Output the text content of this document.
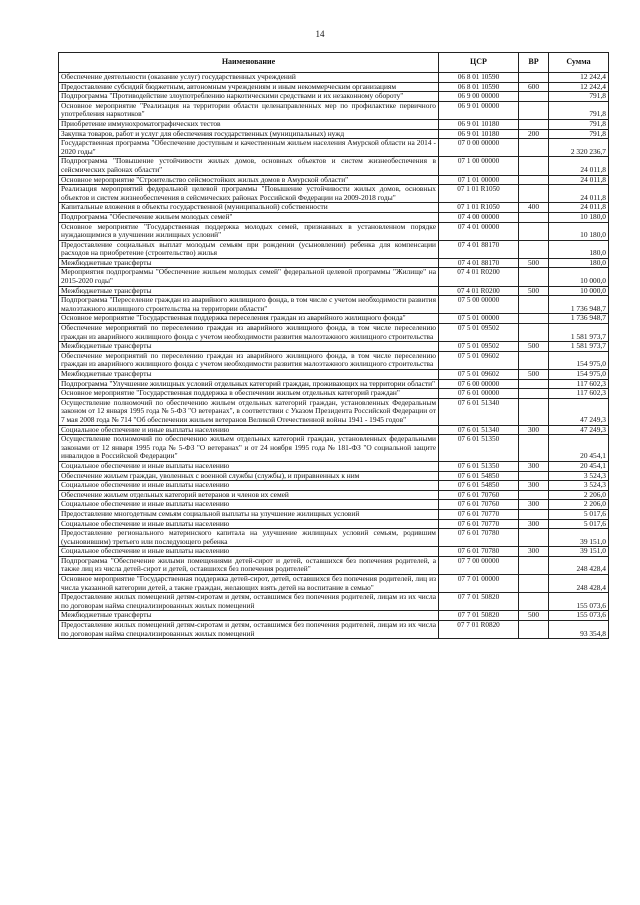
14
Наименование	ЦСР	ВР	Сумма
Обеспечение деятельности (оказание услуг) государственных учреждений	06 8 01 10590		12 242,4
Предоставление субсидий бюджетным, автономным учреждениям и иным некоммерческим организациям	06 8 01 10590	600	12 242,4
Подпрограмма "Противодействие злоупотреблению наркотическими средствами и их незаконному обороту"	06 9 00 00000		791,8
Основное мероприятие "Реализация на территории области целенаправленных мер по профилактике первичного употребления наркотиков"	06 9 01 00000		791,8
Приобретение иммунохроматографических тестов	06 9 01 10180		791,8
Закупка товаров, работ и услуг для обеспечения государственных (муниципальных) нужд	06 9 01 10180	200	791,8
Государственная программа "Обеспечение доступным и качественным жильем населения Амурской области на 2014 - 2020 годы"	07 0 00 00000		2 320 236,7
Подпрограмма "Повышение устойчивости жилых домов, основных объектов и систем жизнеобеспечения в сейсмических районах области"	07 1 00 00000		24 011,8
Основное мероприятие "Строительство сейсмостойких жилых домов в Амурской области"	07 1 01 00000		24 011,8
Реализация мероприятий федеральной целевой программы "Повышение устойчивости жилых домов, основных объектов и систем жизнеобеспечения в сейсмических районах Российской Федерации на 2009-2018 годы"	07 1 01 R1050		24 011,8
Капитальные вложения в объекты государственной (муниципальной) собственности	07 1 01 R1050	400	24 011,8
Подпрограмма "Обеспечение жильем молодых семей"	07 4 00 00000		10 180,0
Основное мероприятие "Государственная поддержка молодых семей, признанных в установленном порядке нуждающимися в улучшении жилищных условий"	07 4 01 00000		10 180,0
Предоставление социальных выплат молодым семьям при рождении (усыновлении) ребенка для компенсации расходов на приобретение (строительство) жилья	07 4 01 88170		180,0
Межбюджетные трансферты	07 4 01 88170	500	180,0
Мероприятия подпрограммы "Обеспечение жильем молодых семей" федеральной целевой программы "Жилище" на 2015-2020 годы"	07 4 01 R0200		10 000,0
Межбюджетные трансферты	07 4 01 R0200	500	10 000,0
Подпрограмма "Переселение граждан из аварийного жилищного фонда, в том числе с учетом необходимости развития малоэтажного жилищного строительства на территории области"	07 5 00 00000		1 736 948,7
Основное мероприятие "Государственная поддержка переселения граждан из аварийного жилищного фонда"	07 5 01 00000		1 736 948,7
Обеспечение мероприятий по переселению граждан из аварийного жилищного фонда, в том числе переселению граждан из аварийного жилищного фонда с учетом необходимости развития малоэтажного жилищного строительства	07 5 01 09502		1 581 973,7
Межбюджетные трансферты	07 5 01 09502	500	1 581 973,7
Обеспечение мероприятий по переселению граждан из аварийного жилищного фонда, в том числе переселению граждан из аварийного жилищного фонда с учетом необходимости развития малоэтажного жилищного строительства	07 5 01 09602		154 975,0
Межбюджетные трансферты	07 5 01 09602	500	154 975,0
Подпрограмма "Улучшение жилищных условий отдельных категорий граждан, проживающих на территории области"	07 6 00 00000		117 602,3
Основное мероприятие "Государственная поддержка в обеспечении жильем отдельных категорий граждан"	07 6 01 00000		117 602,3
Осуществление полномочий по обеспечению жильем отдельных категорий граждан, установленных Федеральным законом от 12 января 1995 года № 5-ФЗ "О ветеранах", в соответствии с Указом Президента Российской Федерации от 7 мая 2008 года № 714 "Об обеспечении жильем ветеранов Великой Отечественной войны 1941 - 1945 годов"	07 6 01 51340		47 249,3
Социальное обеспечение и иные выплаты населению	07 6 01 51340	300	47 249,3
Осуществление полномочий по обеспечению жильем отдельных категорий граждан, установленных федеральными законами от 12 января 1995 года № 5-ФЗ "О ветеранах" и от 24 ноября 1995 года № 181-ФЗ "О социальной защите инвалидов в Российской Федерации"	07 6 01 51350		20 454,1
Социальное обеспечение и иные выплаты населению	07 6 01 51350	300	20 454,1
Обеспечение жильем граждан, уволенных с военной службы (службы), и приравненных к ним	07 6 01 54850		3 524,3
Социальное обеспечение и иные выплаты населению	07 6 01 54850	300	3 524,3
Обеспечение жильем отдельных категорий ветеранов и членов их семей	07 6 01 70760		2 206,0
Социальное обеспечение и иные выплаты населению	07 6 01 70760	300	2 206,0
Предоставление многодетным семьям социальной выплаты на улучшение жилищных условий	07 6 01 70770		5 017,6
Социальное обеспечение и иные выплаты населению	07 6 01 70770	300	5 017,6
Предоставление регионального материнского капитала на улучшение жилищных условий семьям, родившим (усыновившим) третьего или последующего ребенка	07 6 01 70780		39 151,0
Социальное обеспечение и иные выплаты населению	07 6 01 70780	300	39 151,0
Подпрограмма "Обеспечение жилыми помещениями детей-сирот и детей, оставшихся без попечения родителей, а также лиц из числа детей-сирот и детей, оставшихся без попечения родителей"	07 7 00 00000		248 428,4
Основное мероприятие "Государственная поддержка детей-сирот, детей, оставшихся без попечения родителей, лиц из числа указанной категории детей, а также граждан, желающих взять детей на воспитание в семью"	07 7 01 00000		248 428,4
Предоставление жилых помещений детям-сиротам и детям, оставшимся без попечения родителей, лицам из их числа по договорам найма специализированных жилых помещений	07 7 01 50820		155 073,6
Межбюджетные трансферты	07 7 01 50820	500	155 073,6
Предоставление жилых помещений детям-сиротам и детям, оставшимся без попечения родителей, лицам из их числа по договорам найма специализированных жилых помещений	07 7 01 R0820		93 354,8
